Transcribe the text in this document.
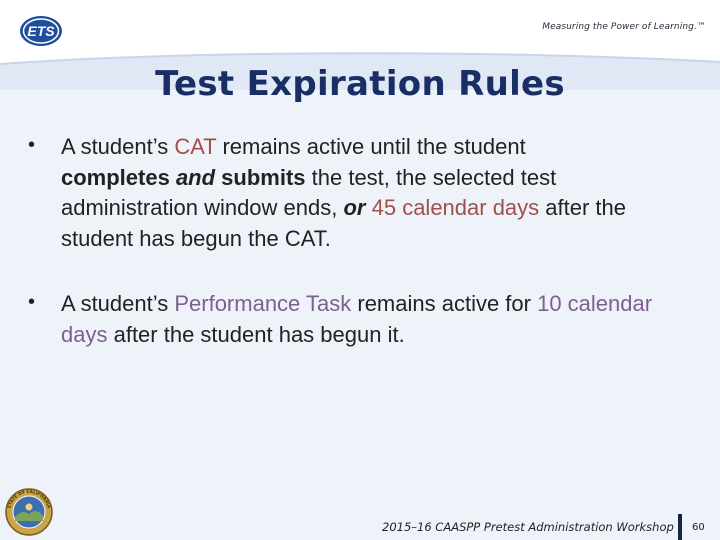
ETS	Measuring the Power of Learning.™
Test Expiration Rules
• A student’s CAT remains active until the student
completes and submits the test, the selected test administration window ends, or 45 calendar days after the student has begun the CAT.
• A student’s Performance Task remains active for 10 calendar days after the student has begun it.
STATE OF CALIFORNIA
2015–16 CAASPP Pretest Administration Workshop 60
